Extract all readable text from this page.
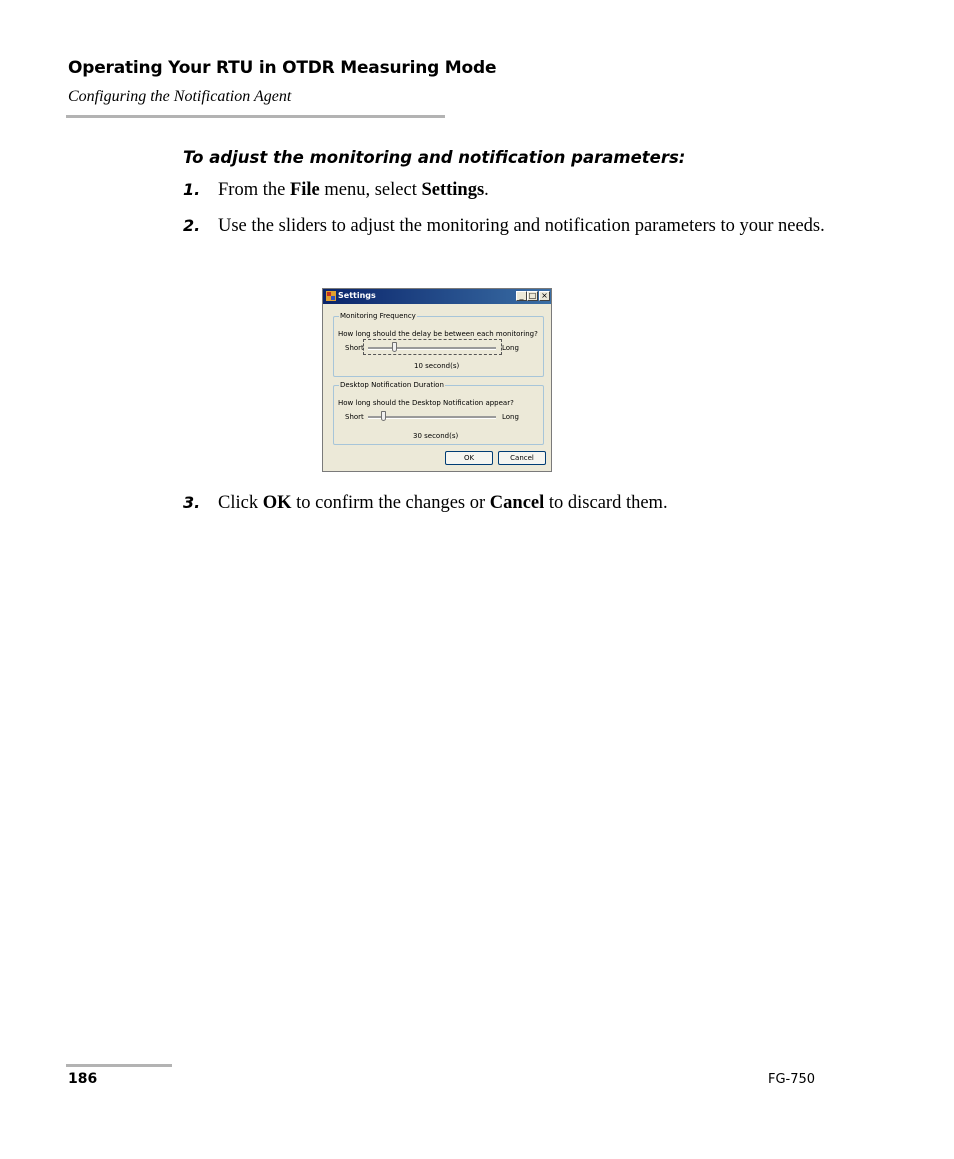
Operating Your RTU in OTDR Measuring Mode
Configuring the Notification Agent
To adjust the monitoring and notification parameters:
1. From the File menu, select Settings.
2. Use the sliders to adjust the monitoring and notification parameters to your needs.
Settings	_ □ ×
Monitoring Frequency
How long should the delay be between each monitoring?
Short	Long
10 second(s)
Desktop Notification Duration
How long should the Desktop Notification appear?
Short	Long
30 second(s)
OK	Cancel
3. Click OK to confirm the changes or Cancel to discard them.
186	FG-750
